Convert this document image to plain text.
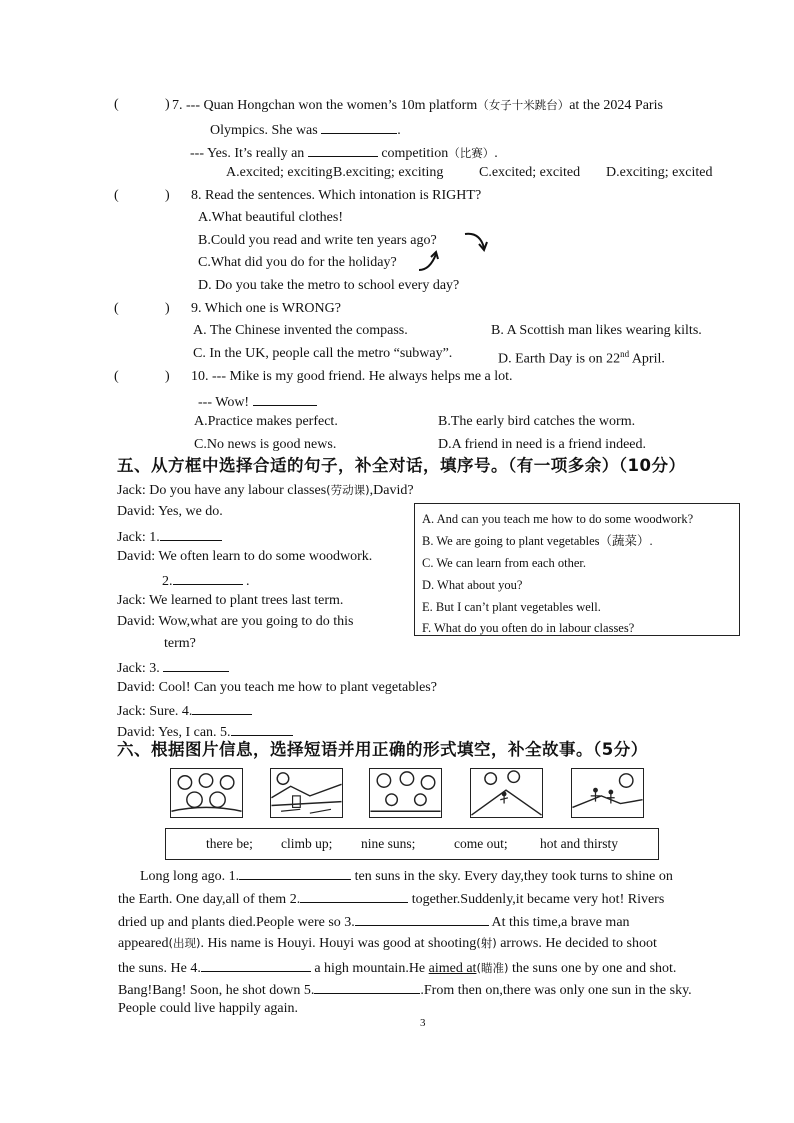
(	) 7. --- Quan Hongchan won the women’s 10m platform（女子十米跳台）at the 2024 Paris
Olympics. She was	.
--- Yes. It’s really an	competition（比赛）.
A.excited; exciting B.exciting; exciting	C.excited; excited D.exciting; excited
(	) 8. Read the sentences. Which intonation is RIGHT?
A.What beautiful clothes!
B.Could you read and write ten years ago?
C.What did you do for the holiday?
D. Do you take the metro to school every day?
(	) 9. Which one is WRONG?
A. The Chinese invented the compass.	B. A Scottish man likes wearing kilts.
C. In the UK, people call the metro “subway”.	D. Earth Day is on 22nd April.
(	) 10. --- Mike is my good friend. He always helps me a lot.
--- Wow!
A.Practice makes perfect.	B.The early bird catches the worm.
C.No news is good news.	D.A friend in need is a friend indeed.
五、从方框中选择合适的句子，补全对话，填序号。（有一项多余）（10分）
Jack: Do you have any labour classes(劳动课),David?
David: Yes, we do.
Jack: 1.
David: We often learn to do some woodwork.
2.	.
Jack: We learned to plant trees last term.
David: Wow,what are you going to do this
term?
Jack: 3.
David: Cool! Can you teach me how to plant vegetables?
Jack: Sure. 4.
David: Yes, I can. 5.
A. And can you teach me how to do some woodwork?
B. We are going to plant vegetables（蔬菜）.
C. We can learn from each other.
D. What about you?
E. But I can’t plant vegetables well.
F. What do you often do in labour classes?
六、根据图片信息，选择短语并用正确的形式填空，补全故事。（5分）
there be; climb up; nine suns;	come out; hot and thirsty
Long long ago. 1.	ten suns in the sky. Every day,they took turns to shine on
the Earth. One day,all of them 2.	together.Suddenly,it became very hot! Rivers
dried up and plants died.People were so 3.	At this time,a brave man
appeared(出现). His name is Houyi. Houyi was good at shooting(射) arrows. He decided to shoot
the suns. He 4.	a high mountain.He aimed at(瞄准) the suns one by one and shot.
Bang!Bang! Soon, he shot down 5.	.From then on,there was only one sun in the sky.
People could live happily again.
3
